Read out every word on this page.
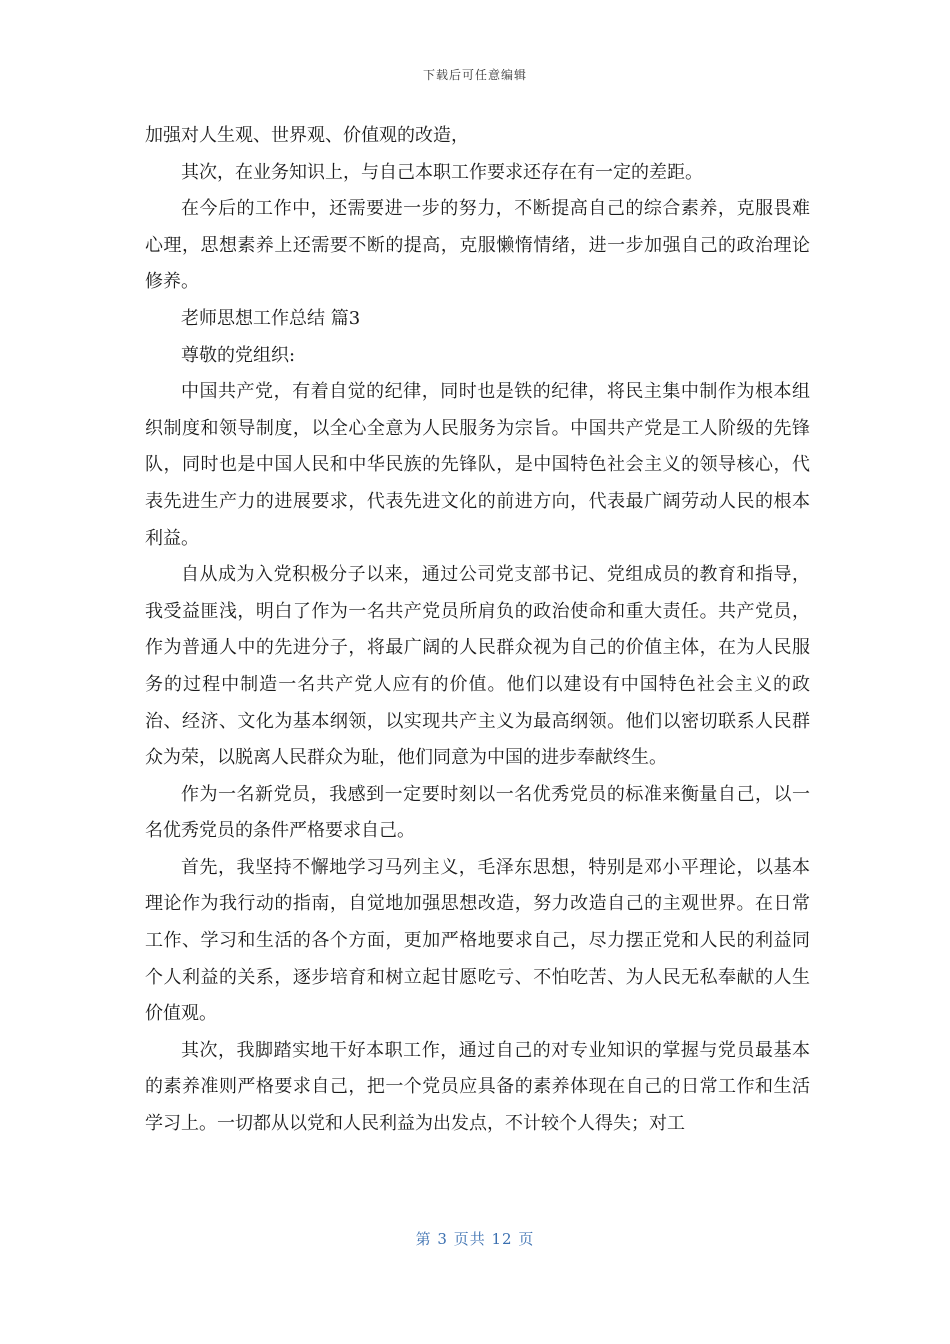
下载后可任意编辑

加强对人生观、世界观、价值观的改造，

其次，在业务知识上，与自己本职工作要求还存在有一定的差距。

在今后的工作中，还需要进一步的努力，不断提高自己的综合素养，克服畏难心理，思想素养上还需要不断的提高，克服懒惰情绪，进一步加强自己的政治理论修养。

老师思想工作总结 篇3

尊敬的党组织:

中国共产党，有着自觉的纪律，同时也是铁的纪律，将民主集中制作为根本组织制度和领导制度，以全心全意为人民服务为宗旨。中国共产党是工人阶级的先锋队，同时也是中国人民和中华民族的先锋队，是中国特色社会主义的领导核心，代表先进生产力的进展要求，代表先进文化的前进方向，代表最广阔劳动人民的根本利益。

自从成为入党积极分子以来，通过公司党支部书记、党组成员的教育和指导，我受益匪浅，明白了作为一名共产党员所肩负的政治使命和重大责任。共产党员，作为普通人中的先进分子，将最广阔的人民群众视为自己的价值主体，在为人民服务的过程中制造一名共产党人应有的价值。他们以建设有中国特色社会主义的政治、经济、文化为基本纲领，以实现共产主义为最高纲领。他们以密切联系人民群众为荣，以脱离人民群众为耻，他们同意为中国的进步奉献终生。

作为一名新党员，我感到一定要时刻以一名优秀党员的标准来衡量自己，以一名优秀党员的条件严格要求自己。

首先，我坚持不懈地学习马列主义，毛泽东思想，特别是邓小平理论，以基本理论作为我行动的指南，自觉地加强思想改造，努力改造自己的主观世界。在日常工作、学习和生活的各个方面，更加严格地要求自己，尽力摆正党和人民的利益同个人利益的关系，逐步培育和树立起甘愿吃亏、不怕吃苦、为人民无私奉献的人生价值观。

其次，我脚踏实地干好本职工作，通过自己的对专业知识的掌握与党员最基本的素养准则严格要求自己，把一个党员应具备的素养体现在自己的日常工作和生活学习上。一切都从以党和人民利益为出发点，不计较个人得失；对工

第 3 页共 12 页
